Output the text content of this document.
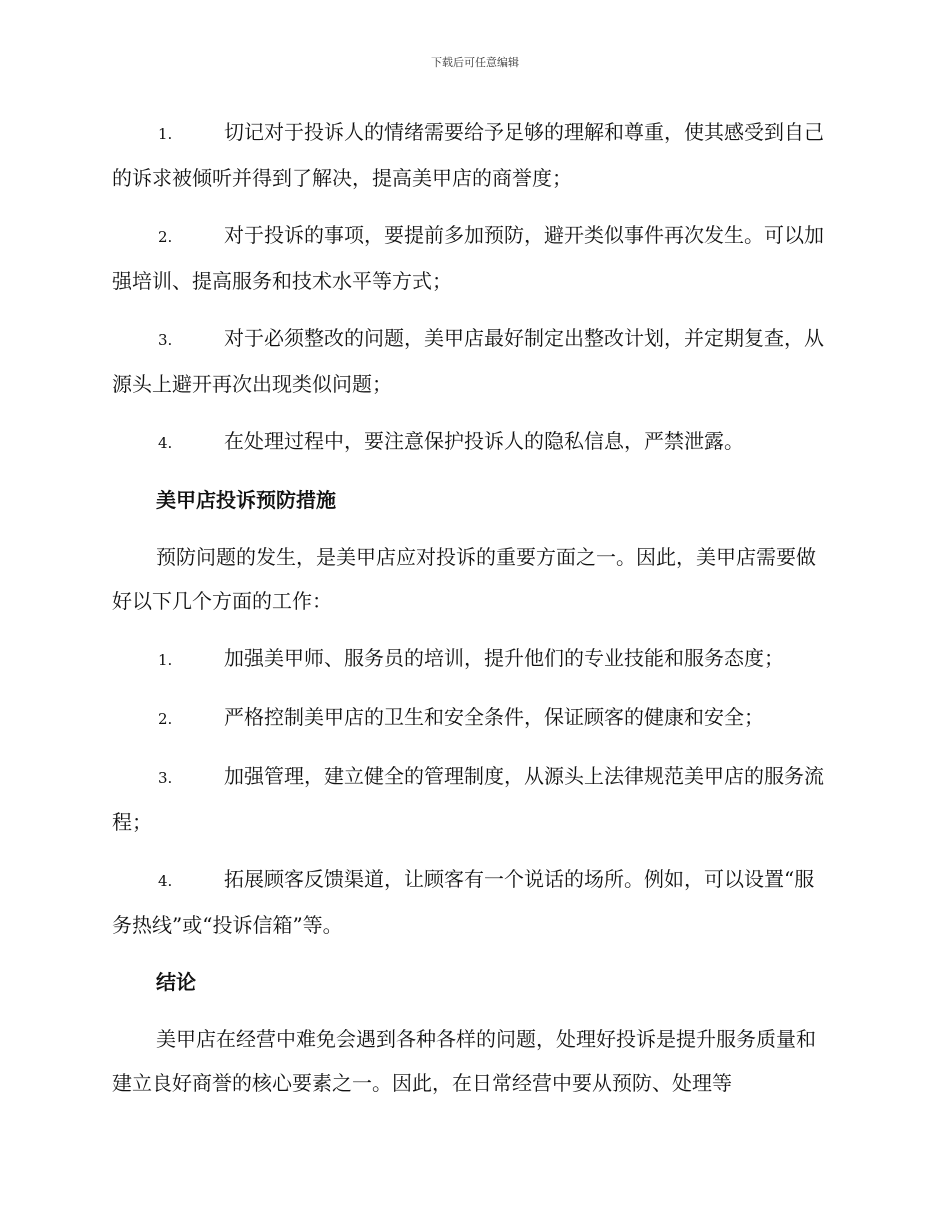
下载后可任意编辑
1.	切记对于投诉人的情绪需要给予足够的理解和尊重，使其感受到自己的诉求被倾听并得到了解决，提高美甲店的商誉度；
2.	对于投诉的事项，要提前多加预防，避开类似事件再次发生。可以加强培训、提高服务和技术水平等方式；
3.	对于必须整改的问题，美甲店最好制定出整改计划，并定期复查，从源头上避开再次出现类似问题；
4.	在处理过程中，要注意保护投诉人的隐私信息，严禁泄露。
美甲店投诉预防措施
预防问题的发生，是美甲店应对投诉的重要方面之一。因此，美甲店需要做好以下几个方面的工作：
1.	加强美甲师、服务员的培训，提升他们的专业技能和服务态度；
2.	严格控制美甲店的卫生和安全条件，保证顾客的健康和安全；
3.	加强管理，建立健全的管理制度，从源头上法律规范美甲店的服务流程；
4.	拓展顾客反馈渠道，让顾客有一个说话的场所。例如，可以设置“服务热线”或“投诉信箱”等。
结论
美甲店在经营中难免会遇到各种各样的问题，处理好投诉是提升服务质量和建立良好商誉的核心要素之一。因此，在日常经营中要从预防、处理等
